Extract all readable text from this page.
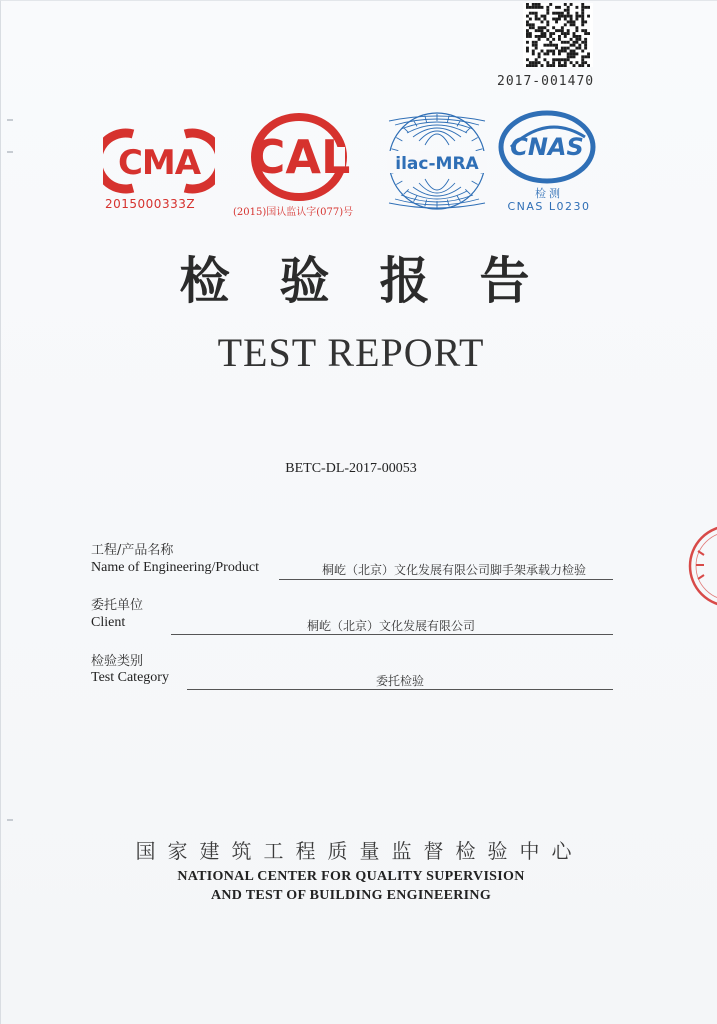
2017-001470
CMA
2015000333Z
CAL
(2015)国认监认字(077)号
ilac-MRA
CNAS
检测
CNAS L0230
检验报告
TEST REPORT
BETC-DL-2017-00053
工程/产品名称
Name of Engineering/Product	桐屹（北京）文化发展有限公司脚手架承载力检验
委托单位
Client	桐屹（北京）文化发展有限公司
检验类别
Test Category	委托检验
国家建筑工程质量监督检验中心
NATIONAL CENTER FOR QUALITY SUPERVISION
AND TEST OF BUILDING ENGINEERING
